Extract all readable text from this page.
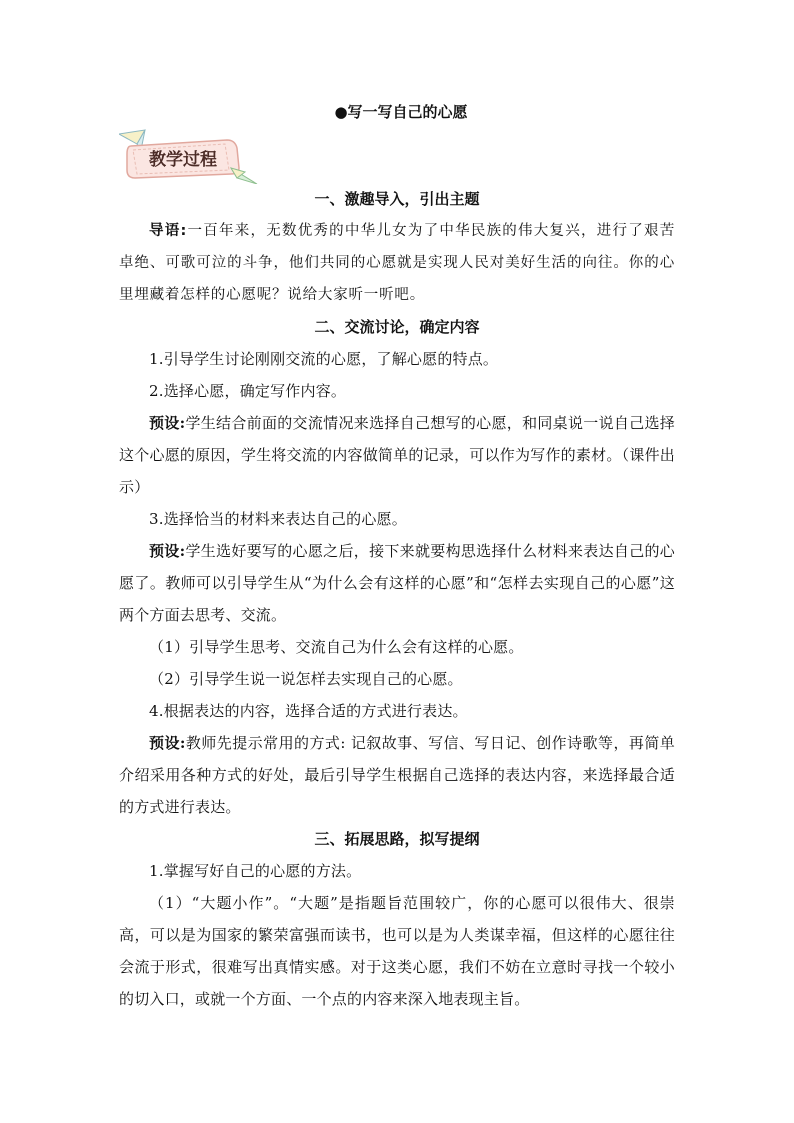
教学过程
●写一写自己的心愿
一、激趣导入，引出主题

导语:一百年来，无数优秀的中华儿女为了中华民族的伟大复兴，进行了艰苦卓绝、可歌可泣的斗争，他们共同的心愿就是实现人民对美好生活的向往。你的心里埋藏着怎样的心愿呢？说给大家听一听吧。

二、交流讨论，确定内容

1.引导学生讨论刚刚交流的心愿，了解心愿的特点。

2.选择心愿，确定写作内容。

预设:学生结合前面的交流情况来选择自己想写的心愿，和同桌说一说自己选择这个心愿的原因，学生将交流的内容做简单的记录，可以作为写作的素材。（课件出示）

3.选择恰当的材料来表达自己的心愿。

预设:学生选好要写的心愿之后，接下来就要构思选择什么材料来表达自己的心愿了。教师可以引导学生从“为什么会有这样的心愿”和“怎样去实现自己的心愿”这两个方面去思考、交流。

（1）引导学生思考、交流自己为什么会有这样的心愿。

（2）引导学生说一说怎样去实现自己的心愿。

4.根据表达的内容，选择合适的方式进行表达。

预设:教师先提示常用的方式: 记叙故事、写信、写日记、创作诗歌等，再简单介绍采用各种方式的好处，最后引导学生根据自己选择的表达内容，来选择最合适的方式进行表达。

三、拓展思路，拟写提纲

1.掌握写好自己的心愿的方法。

（1）“大题小作”。“大题”是指题旨范围较广，你的心愿可以很伟大、很崇高，可以是为国家的繁荣富强而读书，也可以是为人类谋幸福，但这样的心愿往往会流于形式，很难写出真情实感。对于这类心愿，我们不妨在立意时寻找一个较小的切入口，或就一个方面、一个点的内容来深入地表现主旨。
